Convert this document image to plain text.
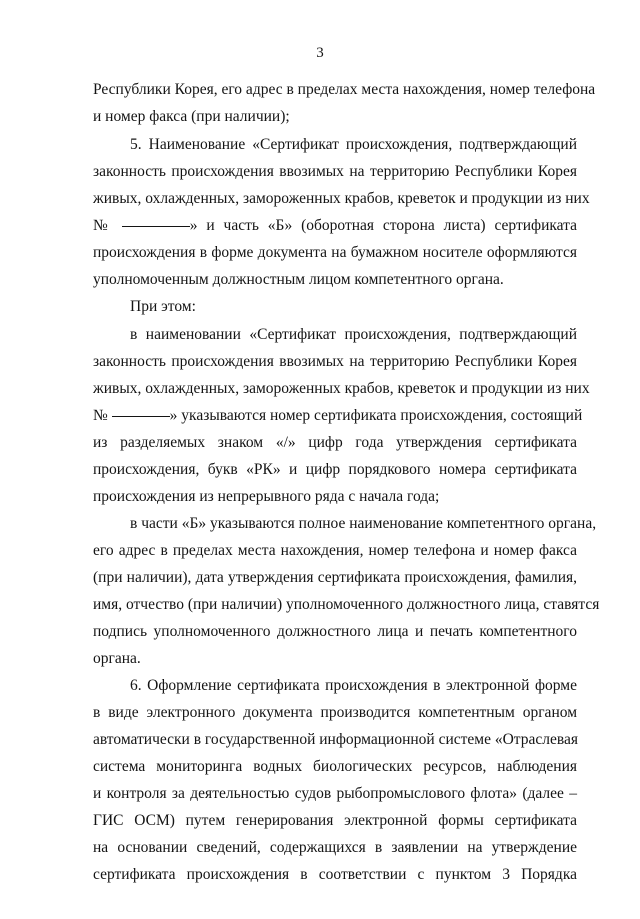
3
Республики Корея, его адрес в пределах места нахождения, номер телефона
и номер факса (при наличии);
5. Наименование «Сертификат происхождения, подтверждающий
законность происхождения ввозимых на территорию Республики Корея
живых, охлажденных, замороженных крабов, креветок и продукции из них
№	» и часть «Б» (оборотная сторона листа) сертификата
происхождения в форме документа на бумажном носителе оформляются
уполномоченным должностным лицом компетентного органа.
При этом:
в наименовании «Сертификат происхождения, подтверждающий
законность происхождения ввозимых на территорию Республики Корея
живых, охлажденных, замороженных крабов, креветок и продукции из них
№	» указываются номер сертификата происхождения, состоящий
из разделяемых знаком «/» цифр года утверждения сертификата
происхождения, букв «РК» и цифр порядкового номера сертификата
происхождения из непрерывного ряда с начала года;
в части «Б» указываются полное наименование компетентного органа,
его адрес в пределах места нахождения, номер телефона и номер факса
(при наличии), дата утверждения сертификата происхождения, фамилия,
имя, отчество (при наличии) уполномоченного должностного лица, ставятся
подпись уполномоченного должностного лица и печать компетентного
органа.
6. Оформление сертификата происхождения в электронной форме
в виде электронного документа производится компетентным органом
автоматически в государственной информационной системе «Отраслевая
система мониторинга водных биологических ресурсов, наблюдения
и контроля за деятельностью судов рыбопромыслового флота» (далее –
ГИС ОСМ) путем генерирования электронной формы сертификата
на основании сведений, содержащихся в заявлении на утверждение
сертификата происхождения в соответствии с пунктом 3 Порядка
